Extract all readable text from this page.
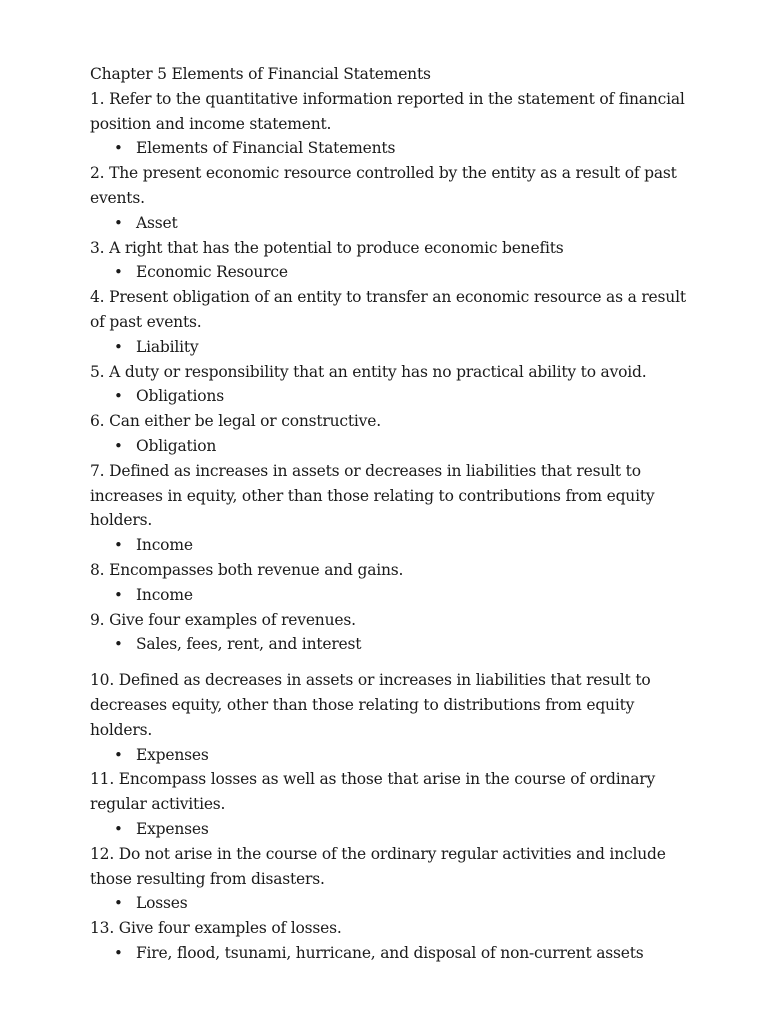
Chapter 5 Elements of Financial Statements

1. Refer to the quantitative information reported in the statement of financial position and income statement.

• Elements of Financial Statements

2. The present economic resource controlled by the entity as a result of past events.

• Asset

3. A right that has the potential to produce economic benefits

• Economic Resource

4. Present obligation of an entity to transfer an economic resource as a result of past events.

• Liability

5. A duty or responsibility that an entity has no practical ability to avoid.

• Obligations

6. Can either be legal or constructive.

• Obligation

7. Defined as increases in assets or decreases in liabilities that result to increases in equity, other than those relating to contributions from equity holders.

• Income

8. Encompasses both revenue and gains.

• Income

9. Give four examples of revenues.

• Sales, fees, rent, and interest

10. Defined as decreases in assets or increases in liabilities that result to decreases equity, other than those relating to distributions from equity holders.

• Expenses

11. Encompass losses as well as those that arise in the course of ordinary regular activities.

• Expenses

12. Do not arise in the course of the ordinary regular activities and include those resulting from disasters.

• Losses

13. Give four examples of losses.

• Fire, flood, tsunami, hurricane, and disposal of non-current assets
